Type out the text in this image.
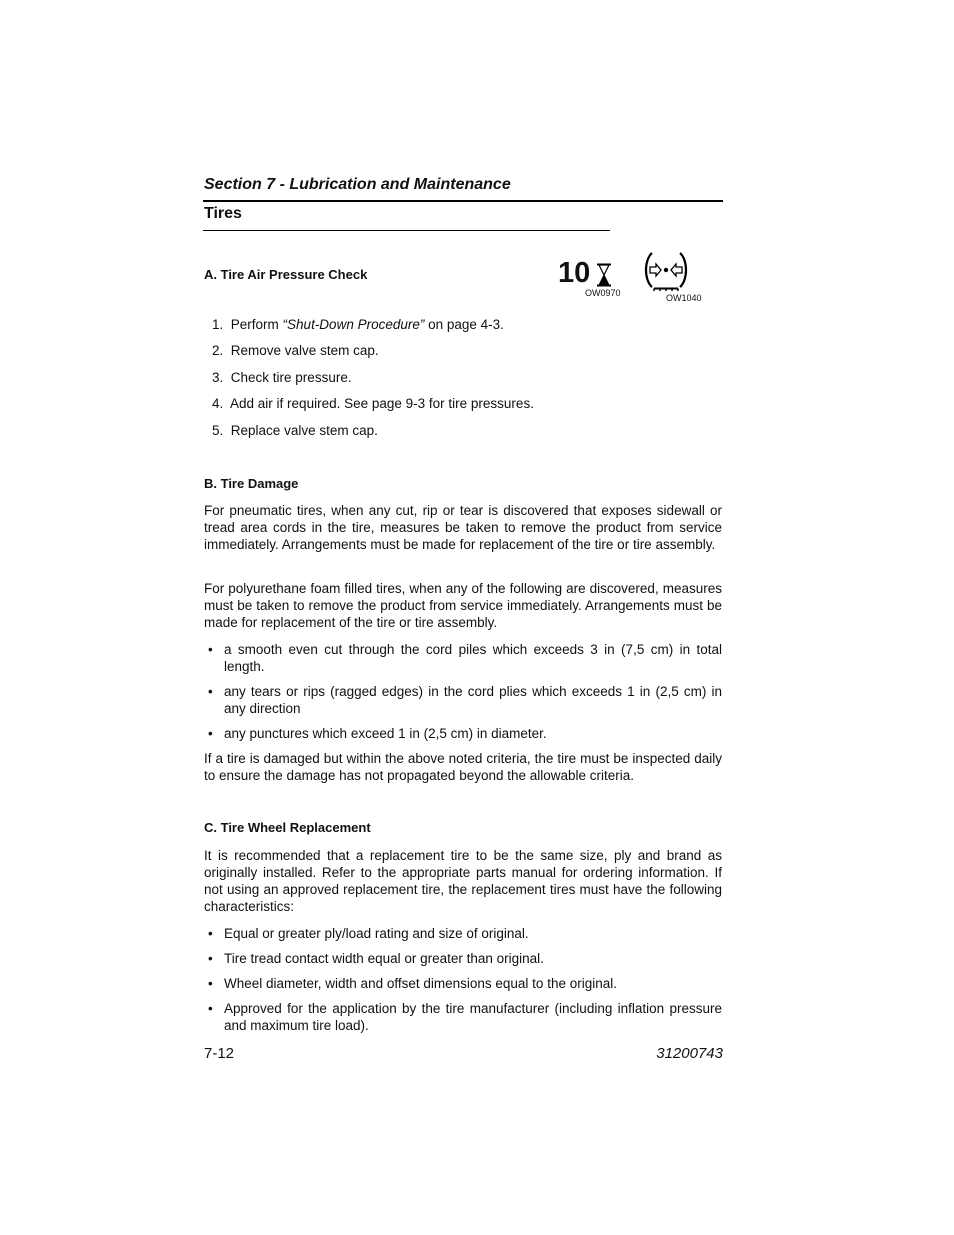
Section 7 - Lubrication and Maintenance
Tires
A. Tire Air Pressure Check	10
OW0970	OW1040
1. Perform “Shut-Down Procedure” on page 4-3.
2. Remove valve stem cap.
3. Check tire pressure.
4. Add air if required. See page 9-3 for tire pressures.
5. Replace valve stem cap.
B. Tire Damage
For pneumatic tires, when any cut, rip or tear is discovered that exposes sidewall or tread area cords in the tire, measures be taken to remove the product from service immediately. Arrangements must be made for replacement of the tire or tire assembly.
For polyurethane foam filled tires, when any of the following are discovered, measures must be taken to remove the product from service immediately. Arrangements must be made for replacement of the tire or tire assembly.
• a smooth even cut through the cord piles which exceeds 3 in (7,5 cm) in total length.
• any tears or rips (ragged edges) in the cord plies which exceeds 1 in (2,5 cm) in any direction
• any punctures which exceed 1 in (2,5 cm) in diameter.
If a tire is damaged but within the above noted criteria, the tire must be inspected daily to ensure the damage has not propagated beyond the allowable criteria.
C. Tire Wheel Replacement
It is recommended that a replacement tire to be the same size, ply and brand as originally installed. Refer to the appropriate parts manual for ordering information. If not using an approved replacement tire, the replacement tires must have the following characteristics:
• Equal or greater ply/load rating and size of original.
• Tire tread contact width equal or greater than original.
• Wheel diameter, width and offset dimensions equal to the original.
• Approved for the application by the tire manufacturer (including inflation pressure and maximum tire load).
7-12	31200743
